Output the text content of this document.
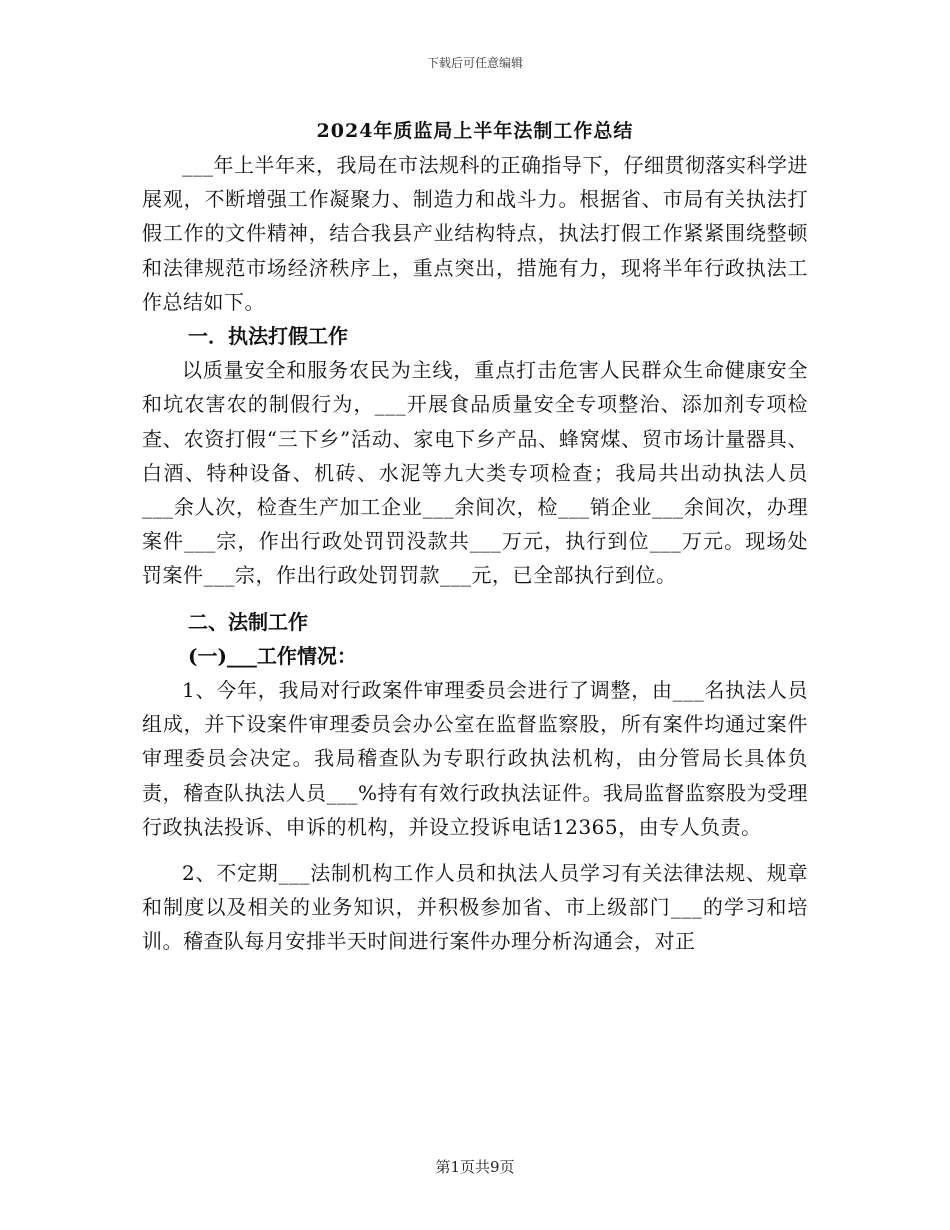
下载后可任意编辑
2024年质监局上半年法制工作总结

___年上半年来，我局在市法规科的正确指导下，仔细贯彻落实科学进展观，不断增强工作凝聚力、制造力和战斗力。根据省、市局有关执法打假工作的文件精神，结合我县产业结构特点，执法打假工作紧紧围绕整顿和法律规范市场经济秩序上，重点突出，措施有力，现将半年行政执法工作总结如下。

一．执法打假工作

以质量安全和服务农民为主线，重点打击危害人民群众生命健康安全和坑农害农的制假行为，___开展食品质量安全专项整治、添加剂专项检查、农资打假“三下乡”活动、家电下乡产品、蜂窝煤、贸市场计量器具、白酒、特种设备、机砖、水泥等九大类专项检查；我局共出动执法人员___余人次，检查生产加工企业___余间次，检___销企业___余间次，办理案件___宗，作出行政处罚罚没款共___万元，执行到位___万元。现场处罚案件___宗，作出行政处罚罚款___元，已全部执行到位。

二、法制工作

(一)___工作情况：

1、今年，我局对行政案件审理委员会进行了调整，由___名执法人员组成，并下设案件审理委员会办公室在监督监察股，所有案件均通过案件审理委员会决定。我局稽查队为专职行政执法机构，由分管局长具体负责，稽查队执法人员___%持有有效行政执法证件。我局监督监察股为受理行政执法投诉、申诉的机构，并设立投诉电话12365，由专人负责。

2、不定期___法制机构工作人员和执法人员学习有关法律法规、规章和制度以及相关的业务知识，并积极参加省、市上级部门___的学习和培训。稽查队每月安排半天时间进行案件办理分析沟通会，对正

第1页共9页
